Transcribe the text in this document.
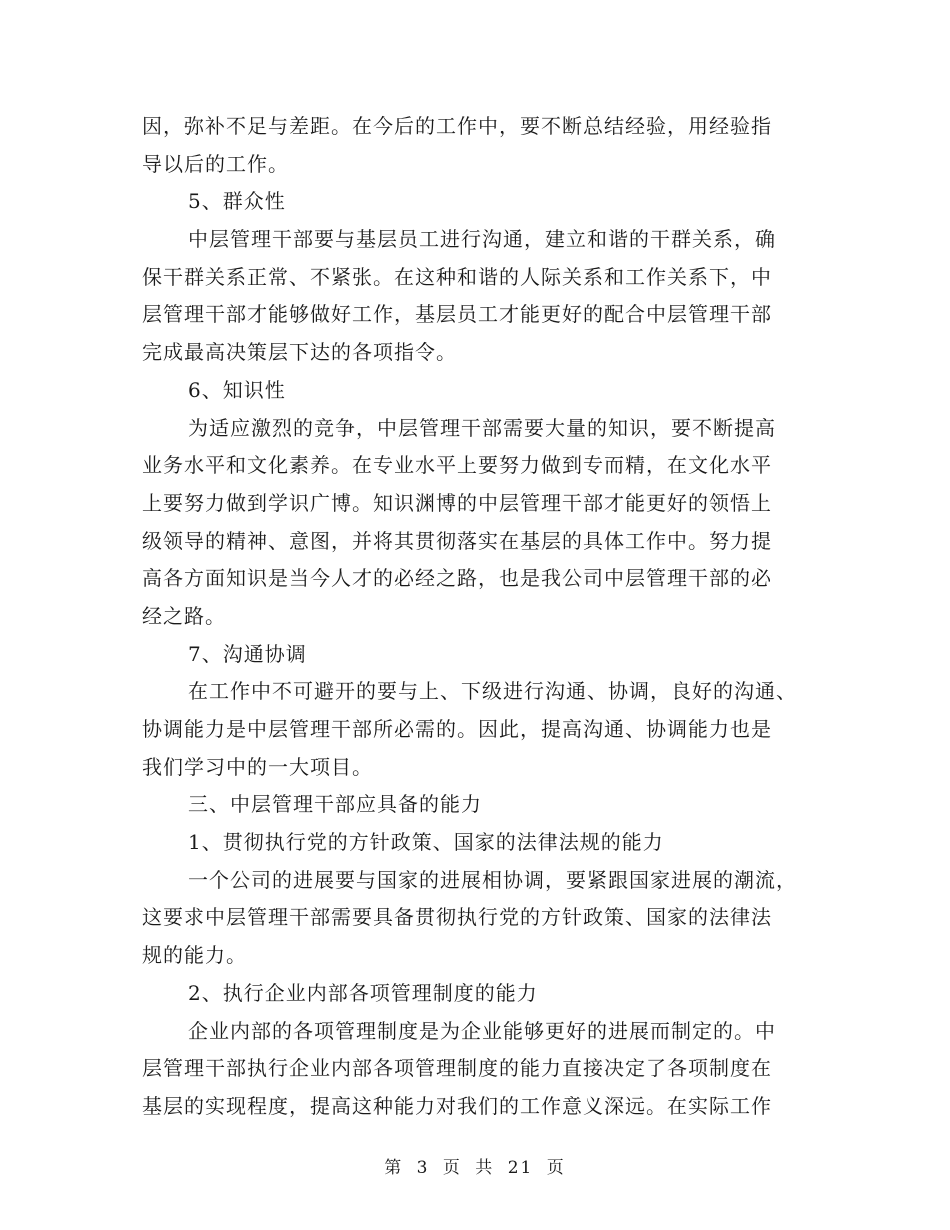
因，弥补不足与差距。在今后的工作中，要不断总结经验，用经验指
导以后的工作。
5、群众性
中层管理干部要与基层员工进行沟通，建立和谐的干群关系，确
保干群关系正常、不紧张。在这种和谐的人际关系和工作关系下，中
层管理干部才能够做好工作，基层员工才能更好的配合中层管理干部
完成最高决策层下达的各项指令。
6、知识性
为适应激烈的竞争，中层管理干部需要大量的知识，要不断提高
业务水平和文化素养。在专业水平上要努力做到专而精，在文化水平
上要努力做到学识广博。知识渊博的中层管理干部才能更好的领悟上
级领导的精神、意图，并将其贯彻落实在基层的具体工作中。努力提
高各方面知识是当今人才的必经之路，也是我公司中层管理干部的必
经之路。
7、沟通协调
在工作中不可避开的要与上、下级进行沟通、协调，良好的沟通、
协调能力是中层管理干部所必需的。因此，提高沟通、协调能力也是
我们学习中的一大项目。
三、中层管理干部应具备的能力
1、贯彻执行党的方针政策、国家的法律法规的能力
一个公司的进展要与国家的进展相协调，要紧跟国家进展的潮流，
这要求中层管理干部需要具备贯彻执行党的方针政策、国家的法律法
规的能力。
2、执行企业内部各项管理制度的能力
企业内部的各项管理制度是为企业能够更好的进展而制定的。中
层管理干部执行企业内部各项管理制度的能力直接决定了各项制度在
基层的实现程度，提高这种能力对我们的工作意义深远。在实际工作
第 3 页 共 21 页
